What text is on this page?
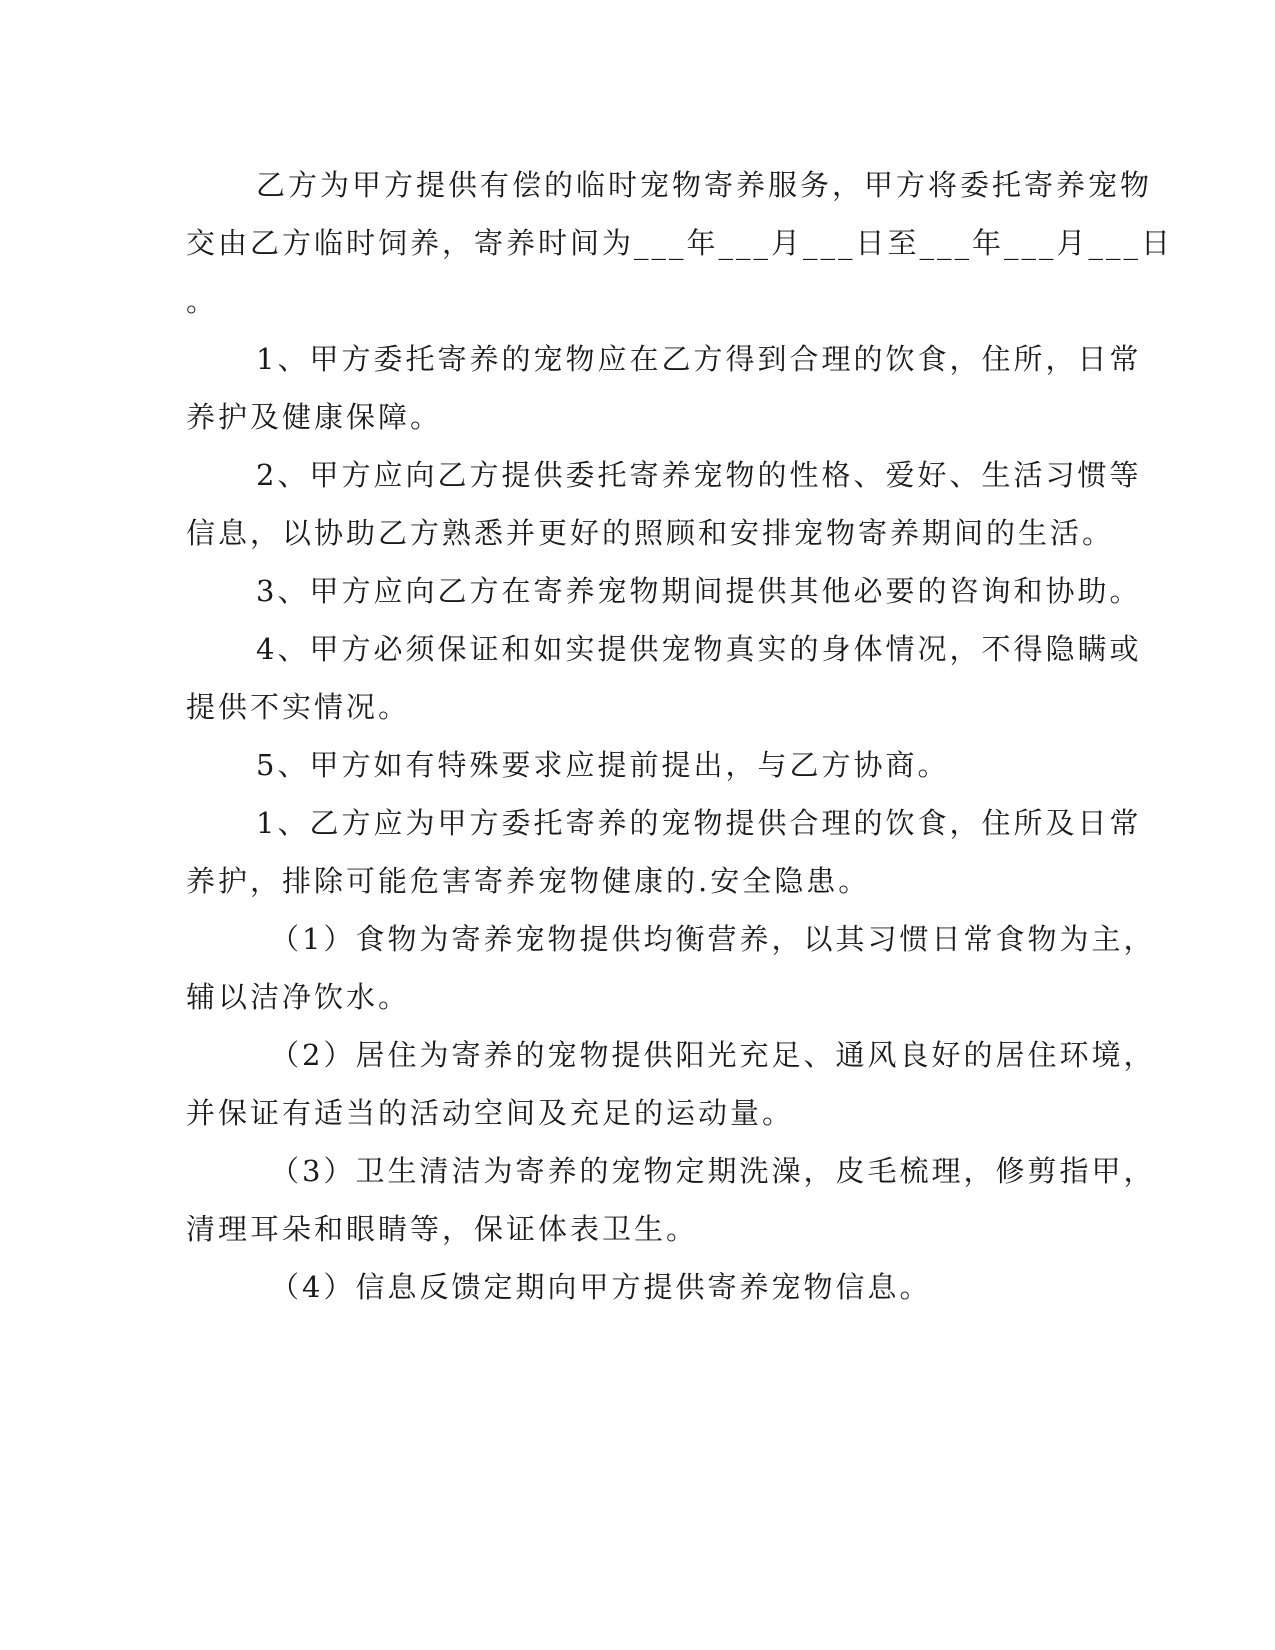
乙方为甲方提供有偿的临时宠物寄养服务，甲方将委托寄养宠物
交由乙方临时饲养，寄养时间为___年___月___日至___年___月___日
。
1、甲方委托寄养的宠物应在乙方得到合理的饮食，住所，日常
养护及健康保障。
2、甲方应向乙方提供委托寄养宠物的性格、爱好、生活习惯等
信息，以协助乙方熟悉并更好的照顾和安排宠物寄养期间的生活。
3、甲方应向乙方在寄养宠物期间提供其他必要的咨询和协助。
4、甲方必须保证和如实提供宠物真实的身体情况，不得隐瞒或
提供不实情况。
5、甲方如有特殊要求应提前提出，与乙方协商。
1、乙方应为甲方委托寄养的宠物提供合理的饮食，住所及日常
养护，排除可能危害寄养宠物健康的.安全隐患。
（1）食物为寄养宠物提供均衡营养，以其习惯日常食物为主，
辅以洁净饮水。
（2）居住为寄养的宠物提供阳光充足、通风良好的居住环境，
并保证有适当的活动空间及充足的运动量。
（3）卫生清洁为寄养的宠物定期洗澡，皮毛梳理，修剪指甲，
清理耳朵和眼睛等，保证体表卫生。
（4）信息反馈定期向甲方提供寄养宠物信息。
